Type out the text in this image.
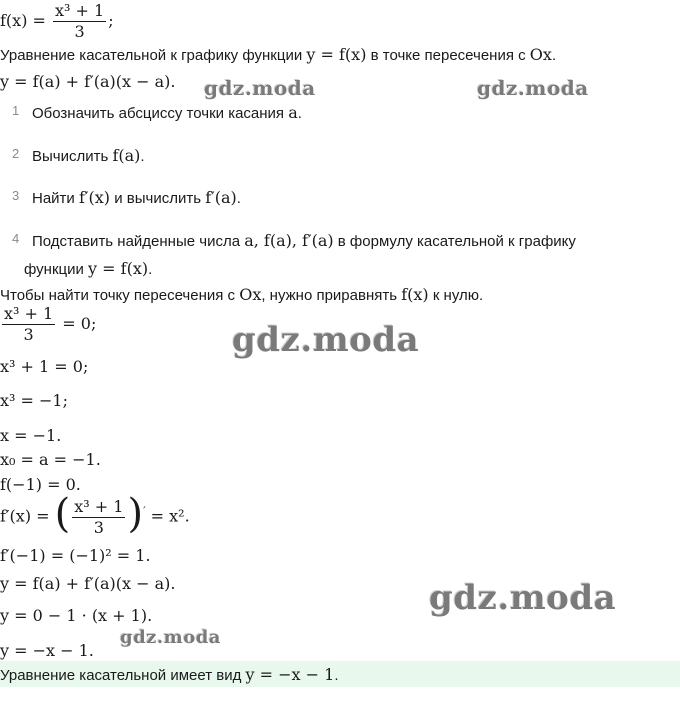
$f(x) = \frac{\text{x³ + 1}}{3}$ ;
Уравнение касательной к графику функции y = f(x) в точке пересечения с Ox.
y = f(a) + f′(a)(x − a).
1 Обозначить абсциссу точки касания a.
2 Вычислить f(a).
3 Найти f′(x) и вычислить f′(a).
4 Подставить найденные числа a, f(a), f′(a) в формулу касательной к графику
функции y = f(x).
Чтобы найти точку пересечения с Ox, нужно приравнять f(x) к нулю.
$\frac{\text{x³ + 1}}{3} = 0$;
x³ + 1 = 0;
x³ = −1;
x = −1.
x₀ = a = −1.
f(−1) = 0.
f′(x) = ( $\frac{\text{x³ + 1}}{3} )' = x^2$.
f′(−1) = (−1)² = 1.
y = f(a) + f′(a)(x − a).
y = 0 − 1 · (x + 1).
y = −x − 1.
Уравнение касательной имеет вид y = −x − 1.
gdz.moda	gdz.moda
gdz.moda
gdz.moda
gdz.moda
